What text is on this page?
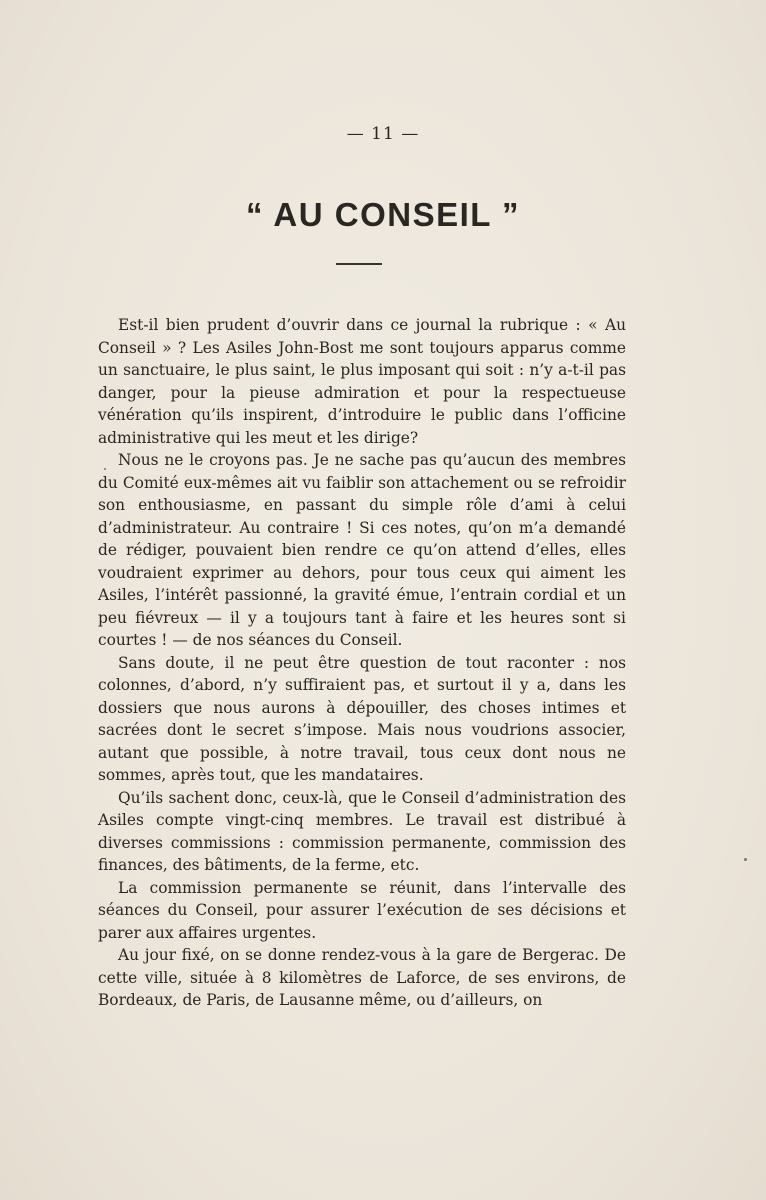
— 11 —
“ AU CONSEIL ”

Est-il bien prudent d’ouvrir dans ce journal la rubrique : « Au Conseil » ? Les Asiles John-Bost me sont toujours apparus comme un sanctuaire, le plus saint, le plus imposant qui soit : n’y a-t-il pas danger, pour la pieuse admiration et pour la respectueuse vénération qu’ils inspirent, d’introduire le public dans l’officine administrative qui les meut et les dirige?

Nous ne le croyons pas. Je ne sache pas qu’aucun des membres du Comité eux-mêmes ait vu faiblir son attachement ou se refroidir son enthousiasme, en passant du simple rôle d’ami à celui d’administrateur. Au contraire ! Si ces notes, qu’on m’a demandé de rédiger, pouvaient bien rendre ce qu’on attend d’elles, elles voudraient exprimer au dehors, pour tous ceux qui aiment les Asiles, l’intérêt passionné, la gravité émue, l’entrain cordial et un peu fiévreux — il y a toujours tant à faire et les heures sont si courtes ! — de nos séances du Conseil.

Sans doute, il ne peut être question de tout raconter : nos colonnes, d’abord, n’y suffiraient pas, et surtout il y a, dans les dossiers que nous aurons à dépouiller, des choses intimes et sacrées dont le secret s’impose. Mais nous voudrions associer, autant que possible, à notre travail, tous ceux dont nous ne sommes, après tout, que les mandataires.

Qu’ils sachent donc, ceux-là, que le Conseil d’administration des Asiles compte vingt-cinq membres. Le travail est distribué à diverses commissions : commission permanente, commission des finances, des bâtiments, de la ferme, etc.

La commission permanente se réunit, dans l’intervalle des séances du Conseil, pour assurer l’exécution de ses décisions et parer aux affaires urgentes.

Au jour fixé, on se donne rendez-vous à la gare de Bergerac. De cette ville, située à 8 kilomètres de Laforce, de ses environs, de Bordeaux, de Paris, de Lausanne même, ou d’ailleurs, on
